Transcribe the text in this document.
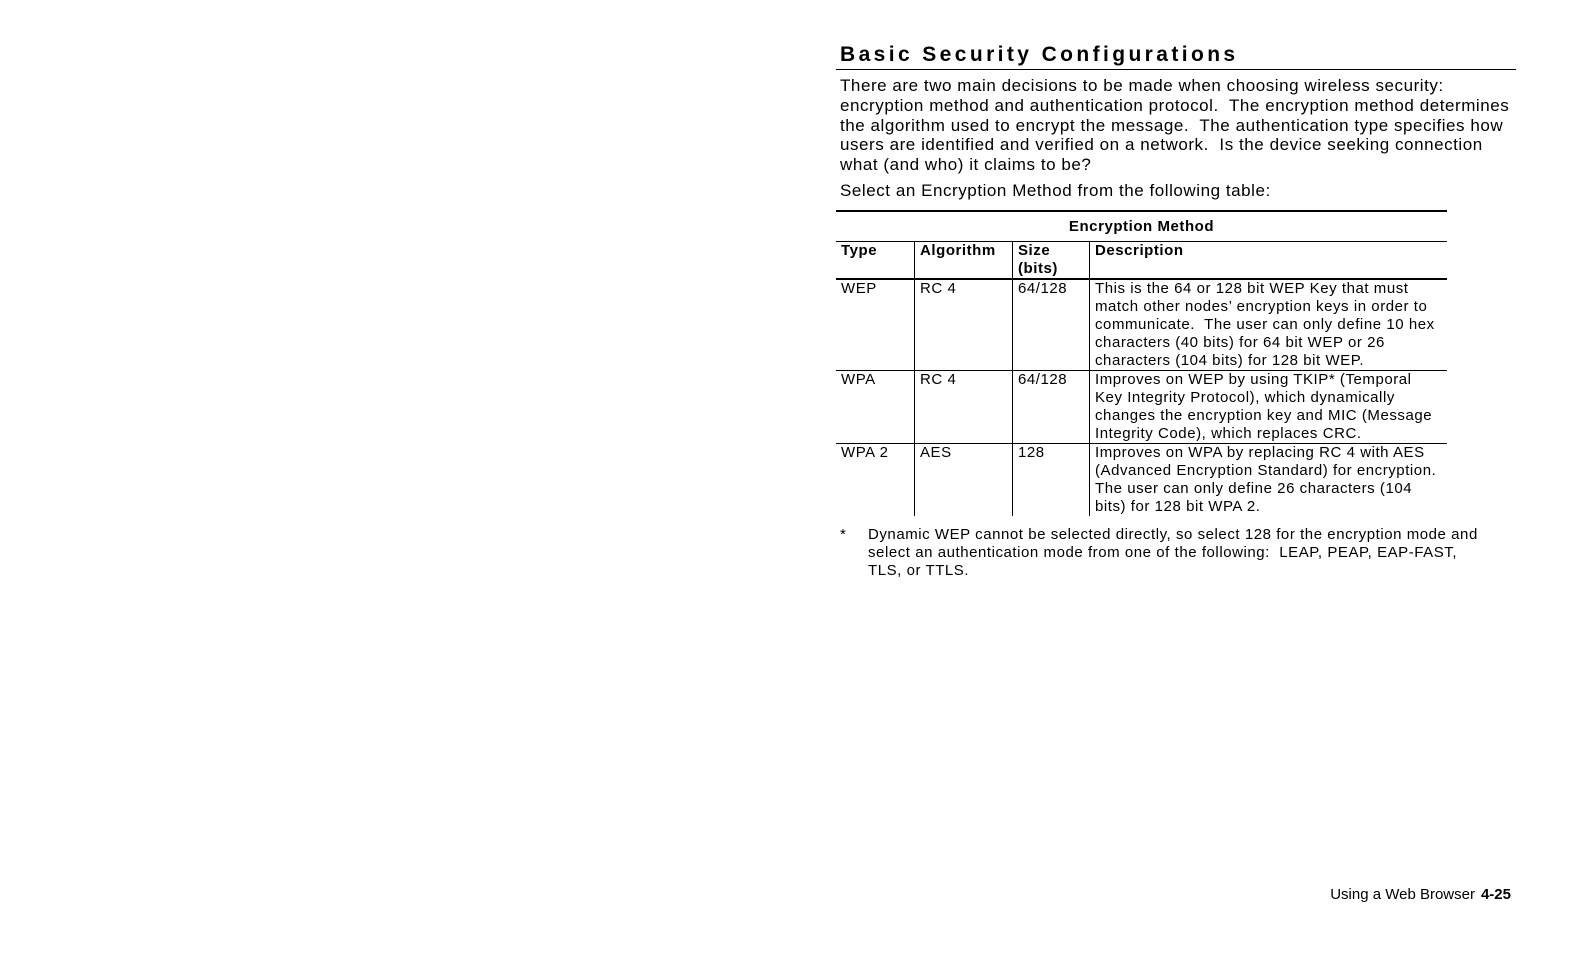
Basic Security Configurations

There are two main decisions to be made when choosing wireless security: encryption method and authentication protocol.  The encryption method determines the algorithm used to encrypt the message.  The authentication type specifies how users are identified and verified on a network.  Is the device seeking connection what (and who) it claims to be?

Select an Encryption Method from the following table:

Encryption Method			
Type	Algorithm	Size (bits)	Description
WEP	RC 4	64/128	This is the 64 or 128 bit WEP Key that must match other nodes’ encryption keys in order to communicate.  The user can only define 10 hex characters (40 bits) for 64 bit WEP or 26 characters (104 bits) for 128 bit WEP.
WPA	RC 4	64/128	Improves on WEP by using TKIP* (Temporal Key Integrity Protocol), which dynamically changes the encryption key and MIC (Message Integrity Code), which replaces CRC.
WPA 2	AES	128	Improves on WPA by replacing RC 4 with AES (Advanced Encryption Standard) for encryption.  The user can only define 26 characters (104 bits) for 128 bit WPA 2.
*	Dynamic WEP cannot be selected directly, so select 128 for the encryption mode and select an authentication mode from one of the following:  LEAP, PEAP, EAP-FAST, TLS, or TTLS.
Using a Web Browser 4-25
